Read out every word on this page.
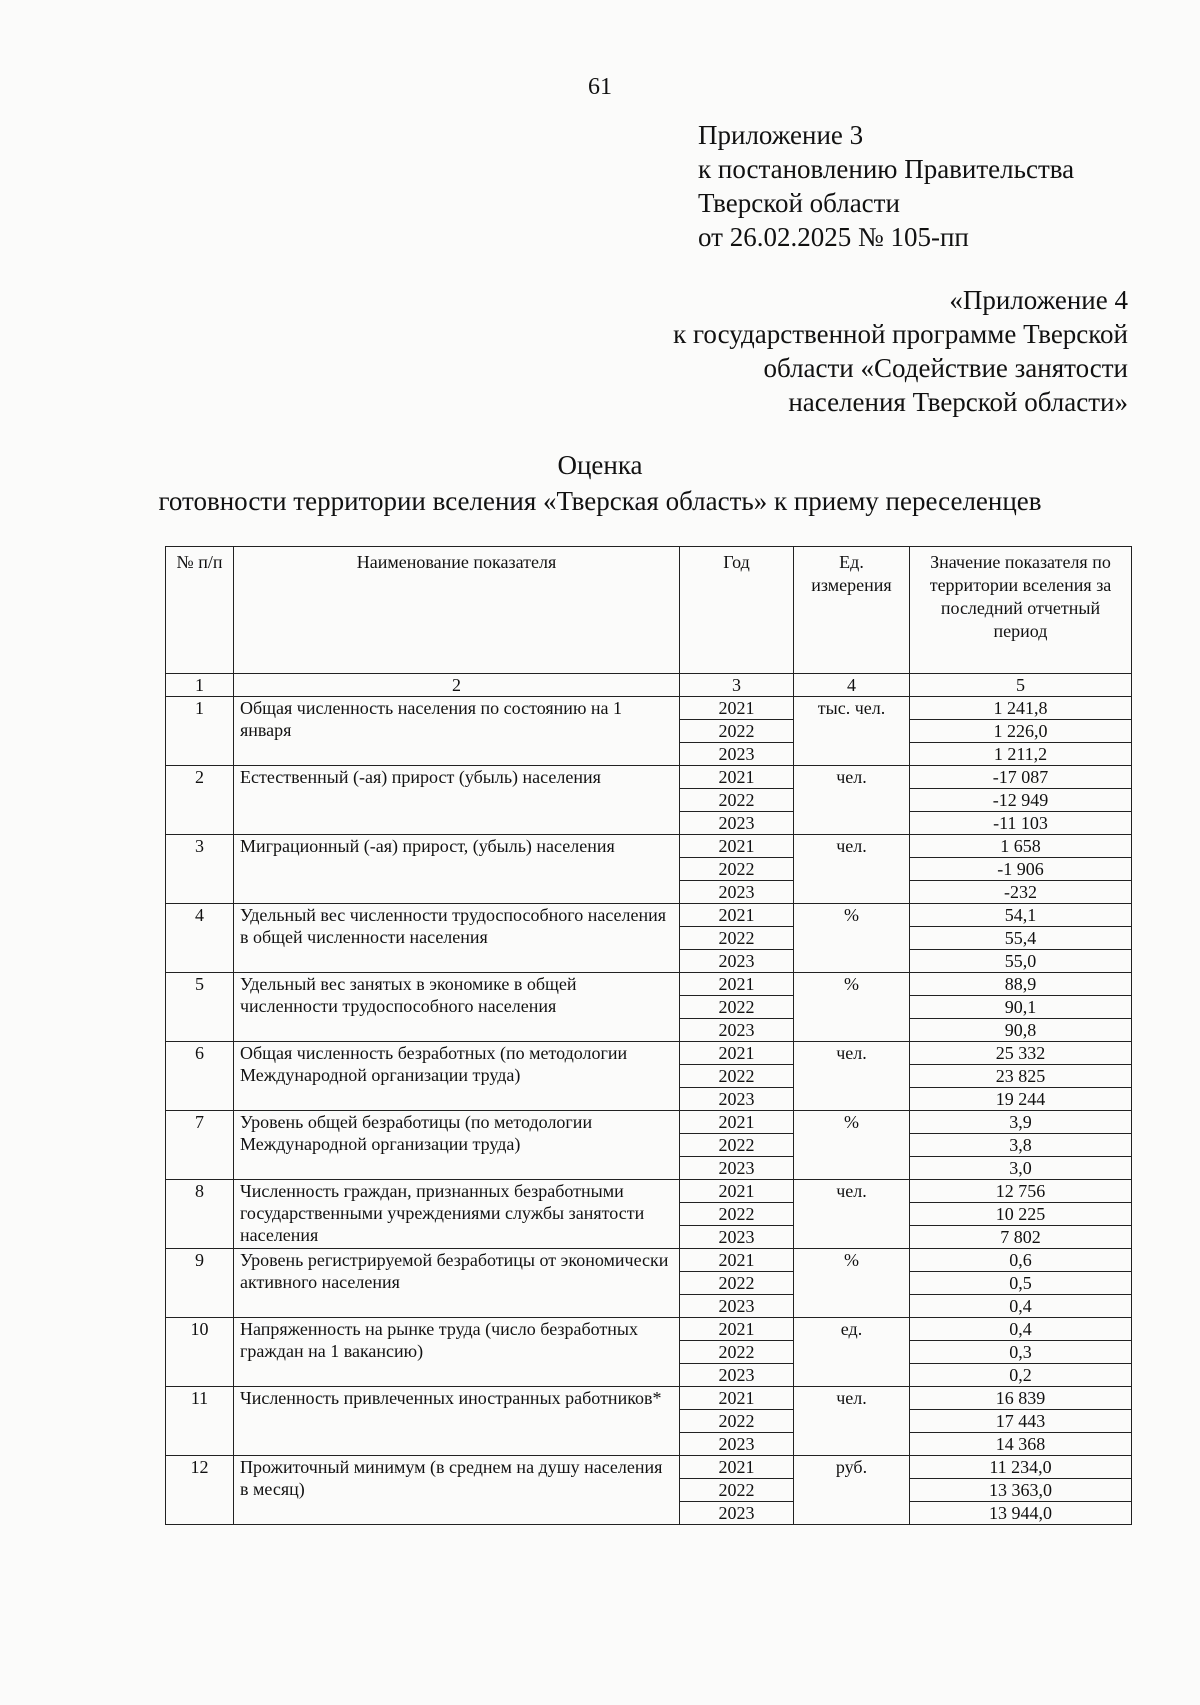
61
Приложение 3
к постановлению Правительства
Тверской области
от 26.02.2025 № 105-пп
«Приложение 4
к государственной программе Тверской
области «Содействие занятости
населения Тверской области»
Оценка
готовности территории вселения «Тверская область» к приему переселенцев
№ п/п	Наименование показателя	Год	Ед. измерения	Значение показателя по территории вселения за последний отчетный период
1	2	3	4	5
1	Общая численность населения по состоянию на 1 января	2021	тыс. чел.	1 241,8
		2022		1 226,0
		2023		1 211,2
2	Естественный (-ая) прирост (убыль) населения	2021	чел.	-17 087
		2022		-12 949
		2023		-11 103
3	Миграционный (-ая) прирост, (убыль) населения	2021	чел.	1 658
		2022		-1 906
		2023		-232
4	Удельный вес численности трудоспособного населения в общей численности населения	2021	%	54,1
		2022		55,4
		2023		55,0
5	Удельный вес занятых в экономике в общей численности трудоспособного населения	2021	%	88,9
		2022		90,1
		2023		90,8
6	Общая численность безработных (по методологии Международной организации труда)	2021	чел.	25 332
		2022		23 825
		2023		19 244
7	Уровень общей безработицы (по методологии Международной организации труда)	2021	%	3,9
		2022		3,8
		2023		3,0
8	Численность граждан, признанных безработными государственными учреждениями службы занятости населения	2021	чел.	12 756
		2022		10 225
		2023		7 802
9	Уровень регистрируемой безработицы от экономически активного населения	2021	%	0,6
		2022		0,5
		2023		0,4
10	Напряженность на рынке труда (число безработных граждан на 1 вакансию)	2021	ед.	0,4
		2022		0,3
		2023		0,2
11	Численность привлеченных иностранных работников*	2021	чел.	16 839
		2022		17 443
		2023		14 368
12	Прожиточный минимум (в среднем на душу населения в месяц)	2021	руб.	11 234,0
		2022		13 363,0
		2023		13 944,0
